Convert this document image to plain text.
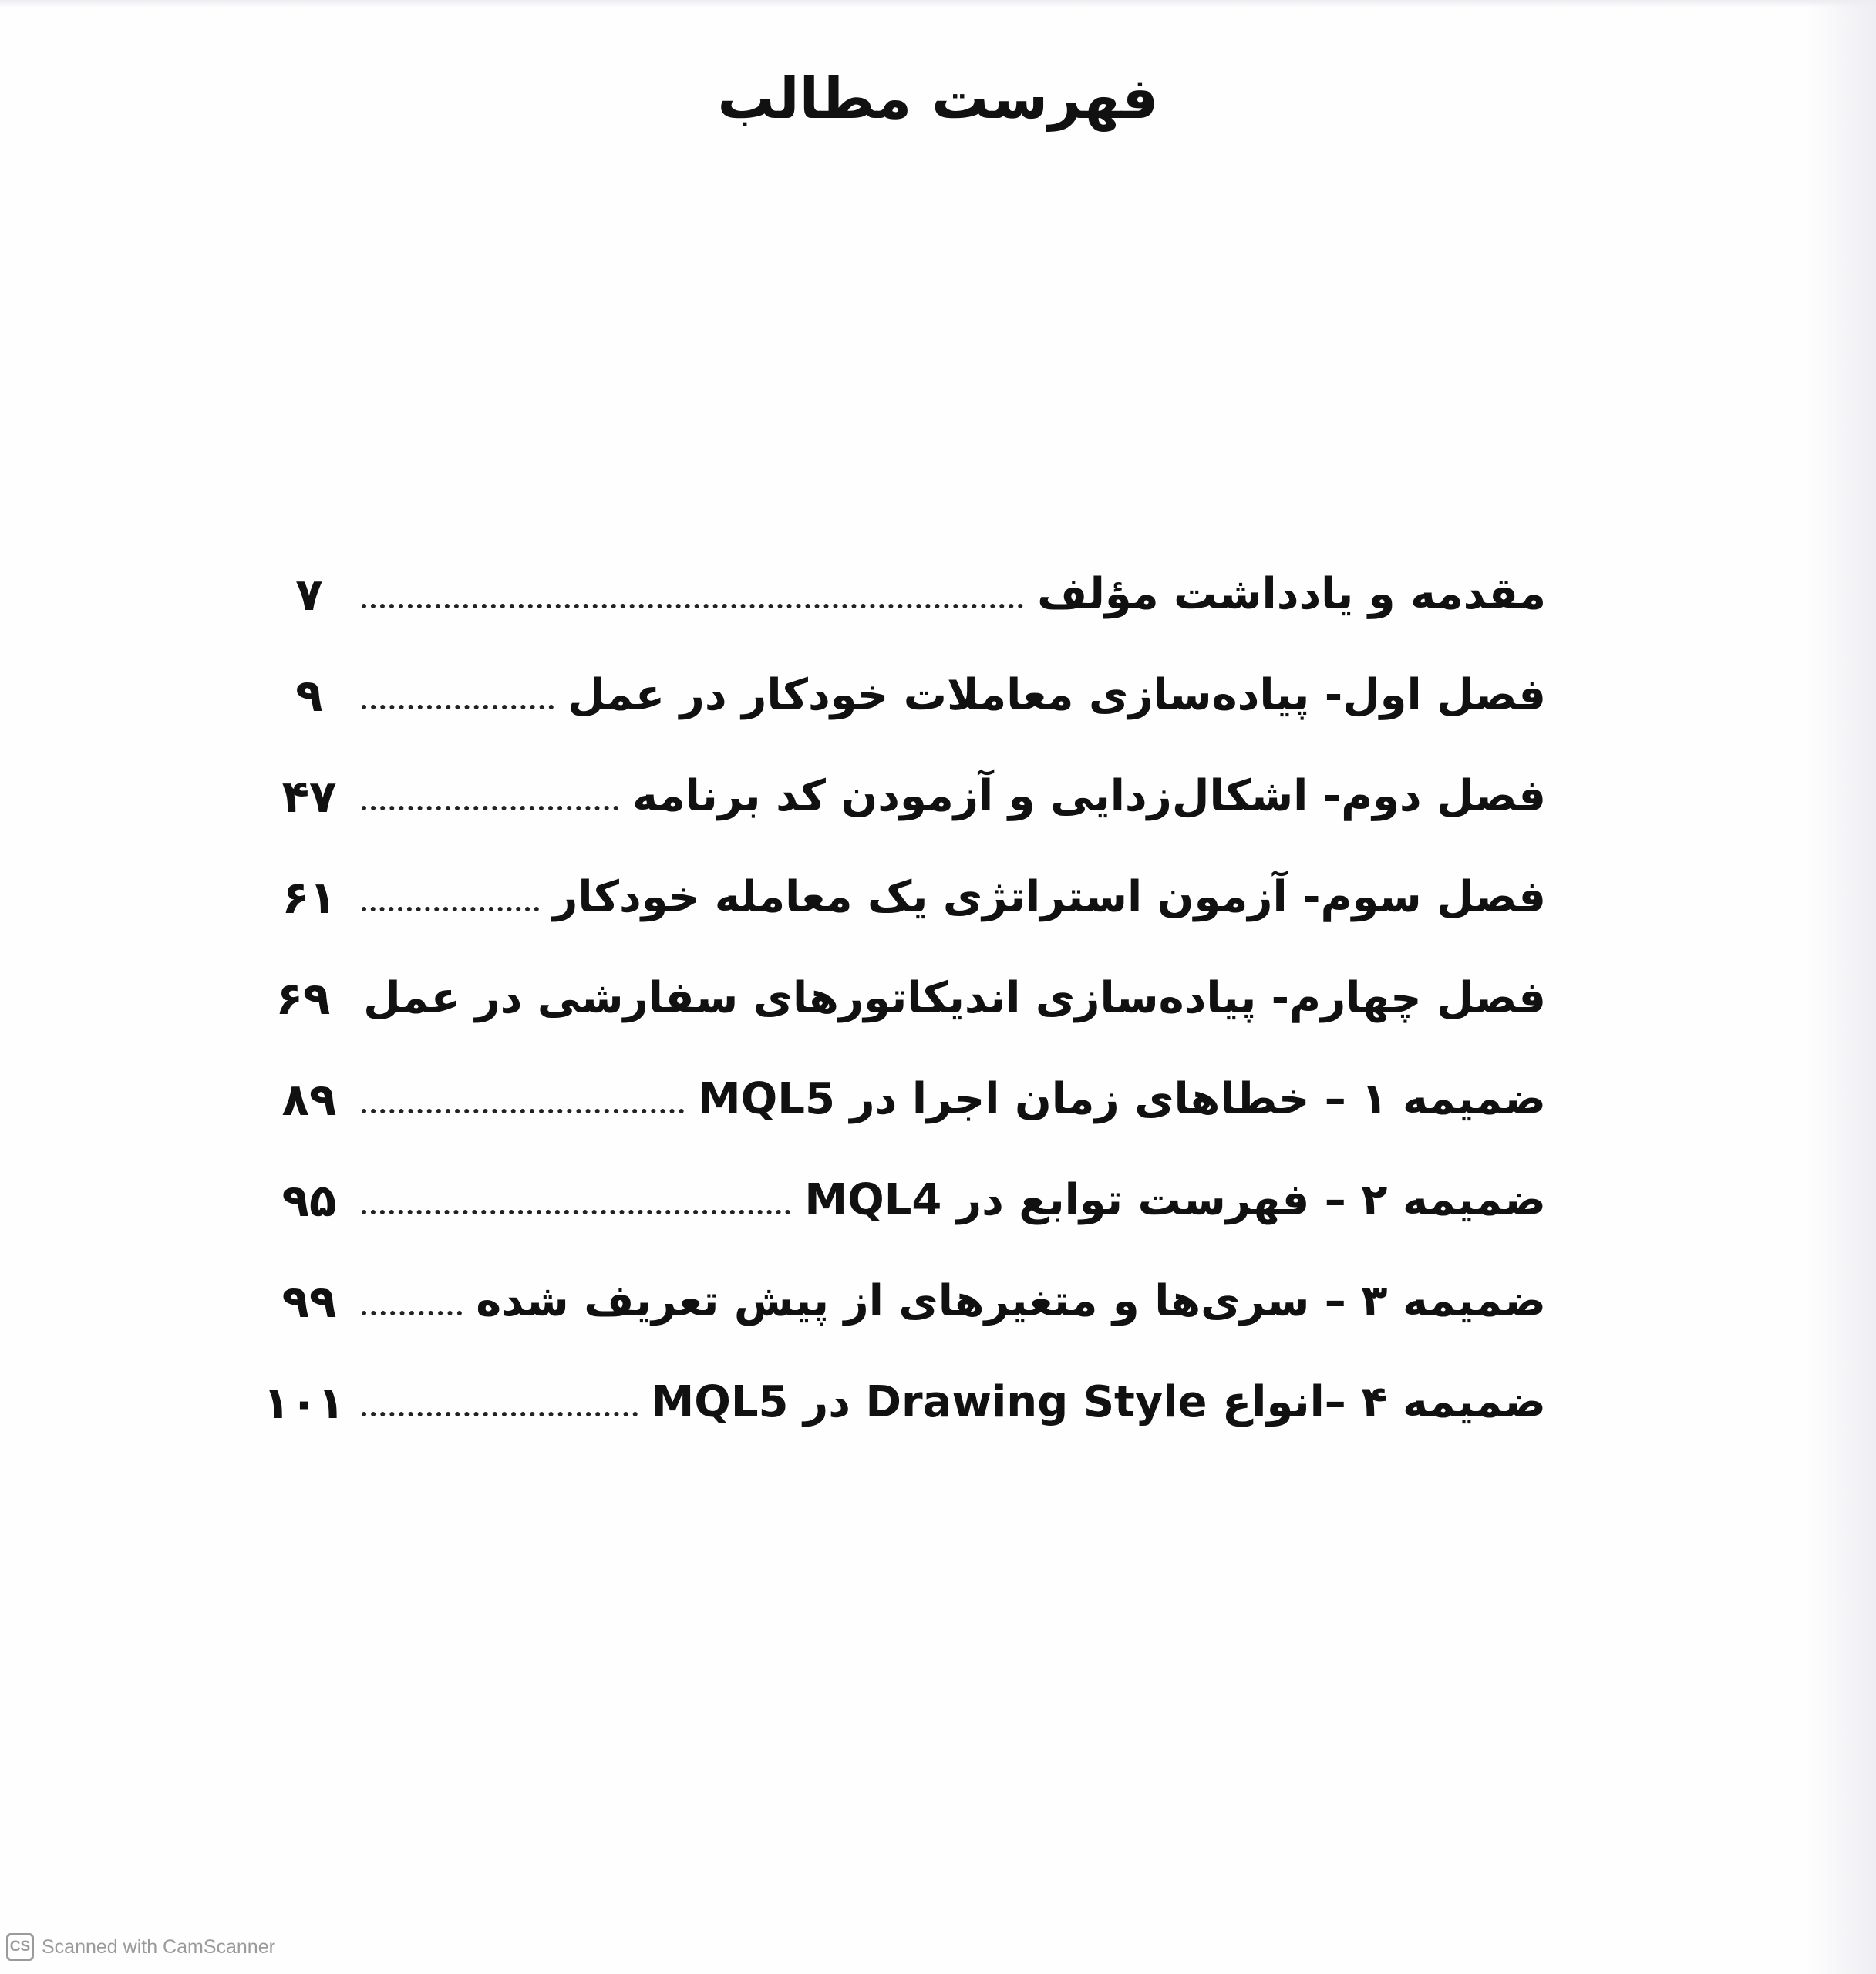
فهرست مطالب
مقدمه و یادداشت مؤلف
۷
فصل اول- پیاده‌سازی معاملات خودکار در عمل
۹
فصل دوم- اشکال‌زدایی و آزمودن کد برنامه
۴۷
فصل سوم- آزمون استراتژی یک معامله خودکار
۶۱
فصل چهارم- پیاده‌سازی اندیکاتورهای سفارشی در عمل
۶۹
ضمیمه ۱ – خطاهای زمان اجرا در MQL5
۸۹
ضمیمه ۲ – فهرست توابع در MQL4
۹۵
ضمیمه ۳ – سری‌ها و متغیرهای از پیش تعریف شده
۹۹
ضمیمه ۴ –انواع Drawing Style در MQL5
۱۰۱
CS Scanned with CamScanner
